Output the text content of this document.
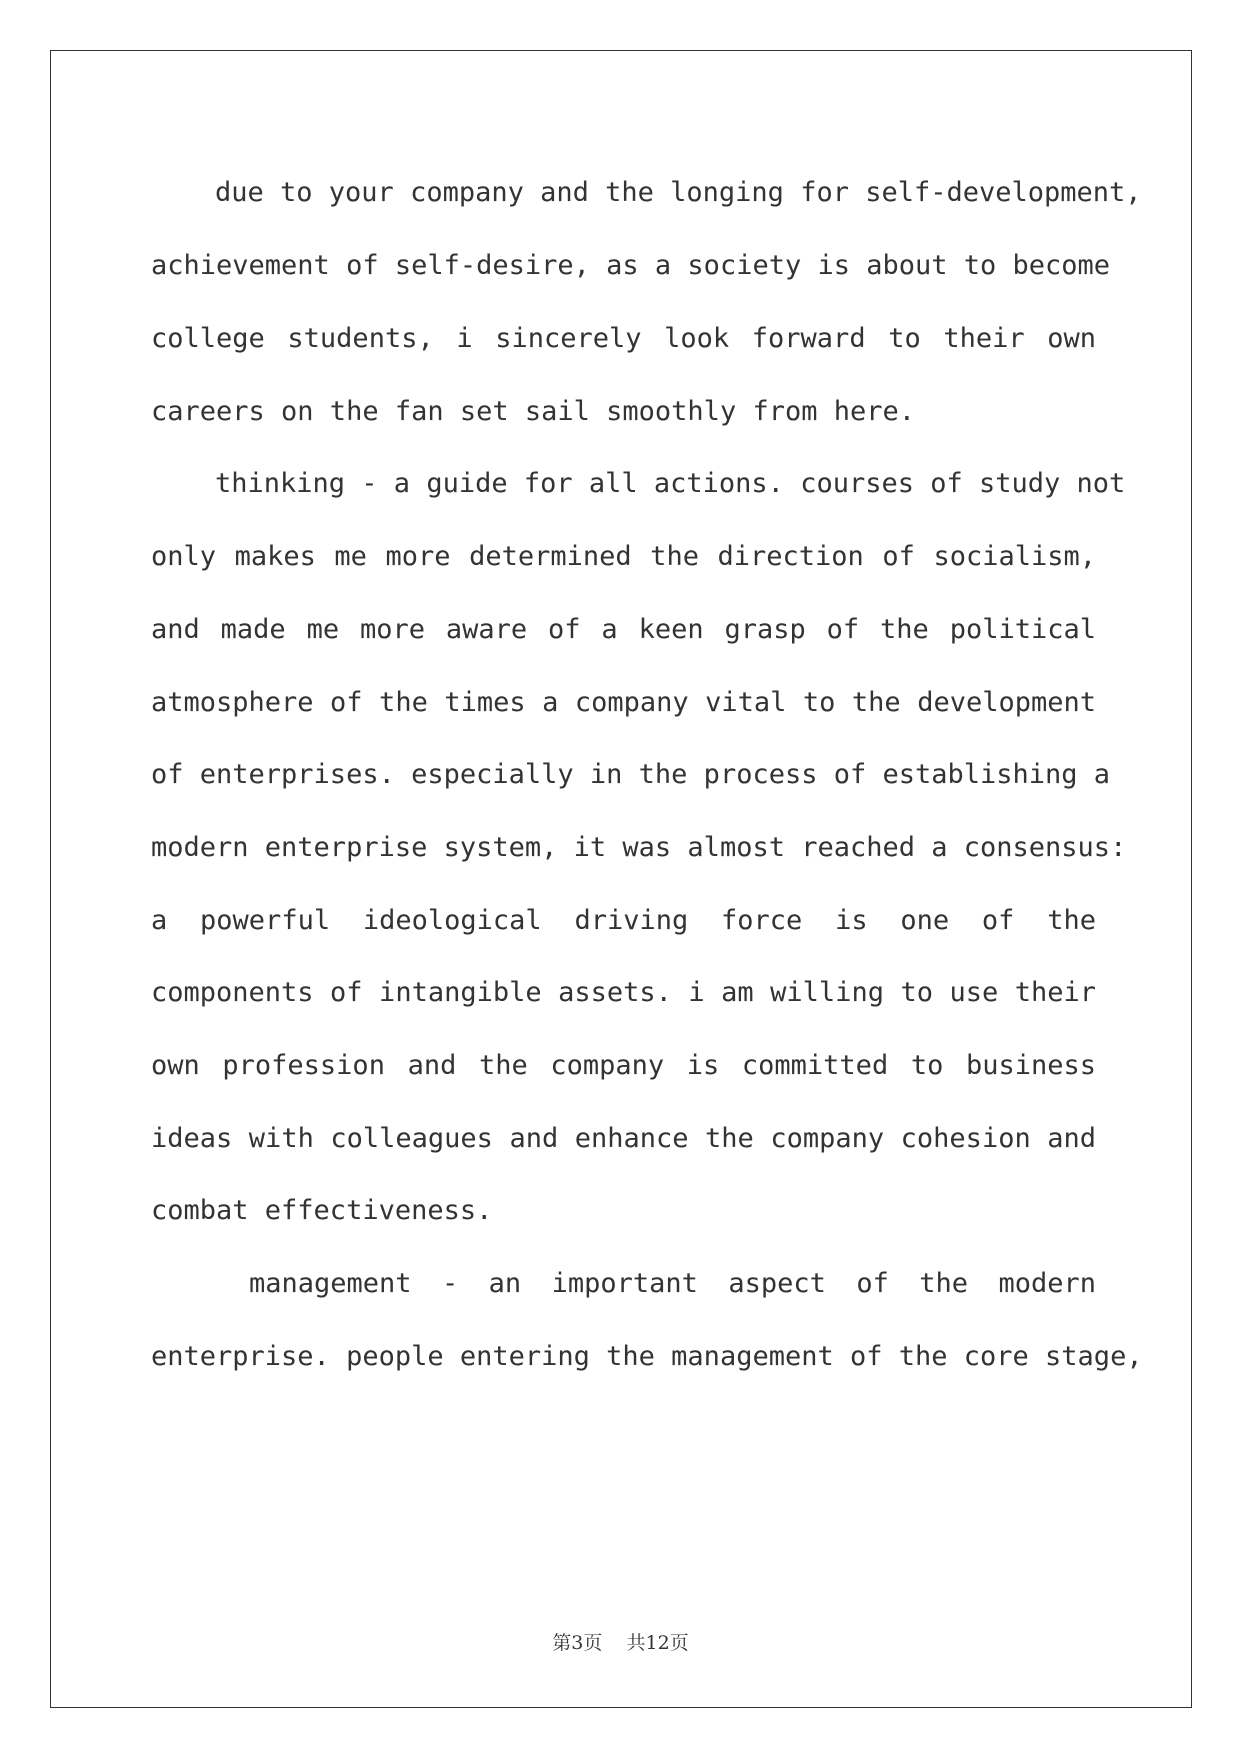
due to your company and the longing for self-development,
achievement of self-desire, as a society is about to become
college students, i sincerely look forward to their own
careers on the fan set sail smoothly from here.
thinking - a guide for all actions. courses of study not
only makes me more determined the direction of socialism,
and made me more aware of a keen grasp of the political
atmosphere of the times a company vital to the development
of enterprises. especially in the process of establishing a
modern enterprise system, it was almost reached a consensus:
a powerful ideological driving force is one of the
components of intangible assets. i am willing to use their
own profession and the company is committed to business
ideas with colleagues and enhance the company cohesion and
combat effectiveness.
management - an important aspect of the modern
enterprise. people entering the management of the core stage,
第3页 共12页
